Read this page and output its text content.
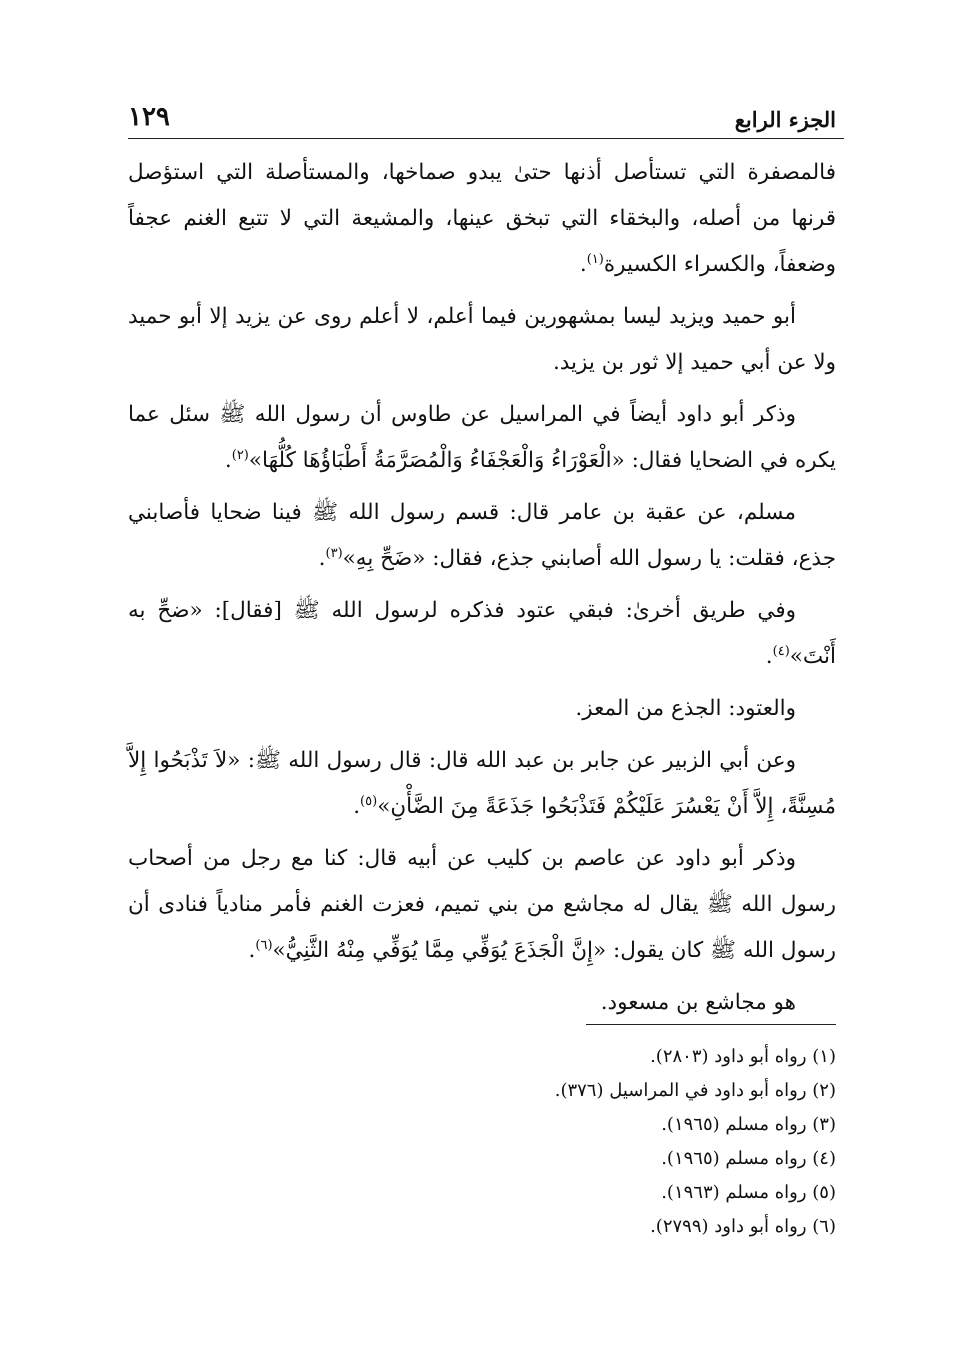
١٢٩	الجزء الرابع

فالمصفرة التي تستأصل أذنها حتىٰ يبدو صماخها، والمستأصلة التي استؤصل قرنها من أصله، والبخقاء التي تبخق عينها، والمشيعة التي لا تتبع الغنم عجفاً وضعفاً، والكسراء الكسيرة$^{(١)}$.

أبو حميد ويزيد ليسا بمشهورين فيما أعلم، لا أعلم روى عن يزيد إلا أبو حميد ولا عن أبي حميد إلا ثور بن يزيد.

وذكر أبو داود أيضاً في المراسيل عن طاوس أن رسول الله ﷺ سئل عما يكره في الضحايا فقال: «الْعَوْرَاءُ وَالْعَجْفَاءُ وَالْمُصَرَّمَةُ أَطْبَاؤُهَا كُلُّهَا»$^{(٢)}$.

مسلم، عن عقبة بن عامر قال: قسم رسول الله ﷺ فينا ضحايا فأصابني جذع، فقلت: يا رسول الله أصابني جذع، فقال: «ضَحِّ بِهِ»$^{(٣)}$.

وفي طريق أخرىٰ: فبقي عتود فذكره لرسول الله ﷺ [فقال]: «ضحِّ به أَنْتَ»$^{(٤)}$.

والعتود: الجذع من المعز.

وعن أبي الزبير عن جابر بن عبد الله قال: قال رسول الله ﷺ: «لاَ تَذْبَحُوا إِلاَّ مُسِنَّةً، إِلاَّ أَنْ يَعْسُرَ عَلَيْكُمْ فَتَذْبَحُوا جَذَعَةً مِنَ الضَّأْنِ»$^{(٥)}$.

وذكر أبو داود عن عاصم بن كليب عن أبيه قال: كنا مع رجل من أصحاب رسول الله ﷺ يقال له مجاشع من بني تميم، فعزت الغنم فأمر منادياً فنادى أن رسول الله ﷺ كان يقول: «إِنَّ الْجَذَعَ يُوَفِّي مِمَّا يُوَفِّي مِنْهُ الثَّنِيُّ»$^{(٦)}$.

هو مجاشع بن مسعود.

(١) رواه أبو داود (٢٨٠٣).

(٢) رواه أبو داود في المراسيل (٣٧٦).

(٣) رواه مسلم (١٩٦٥).

(٤) رواه مسلم (١٩٦٥).

(٥) رواه مسلم (١٩٦٣).

(٦) رواه أبو داود (٢٧٩٩).
